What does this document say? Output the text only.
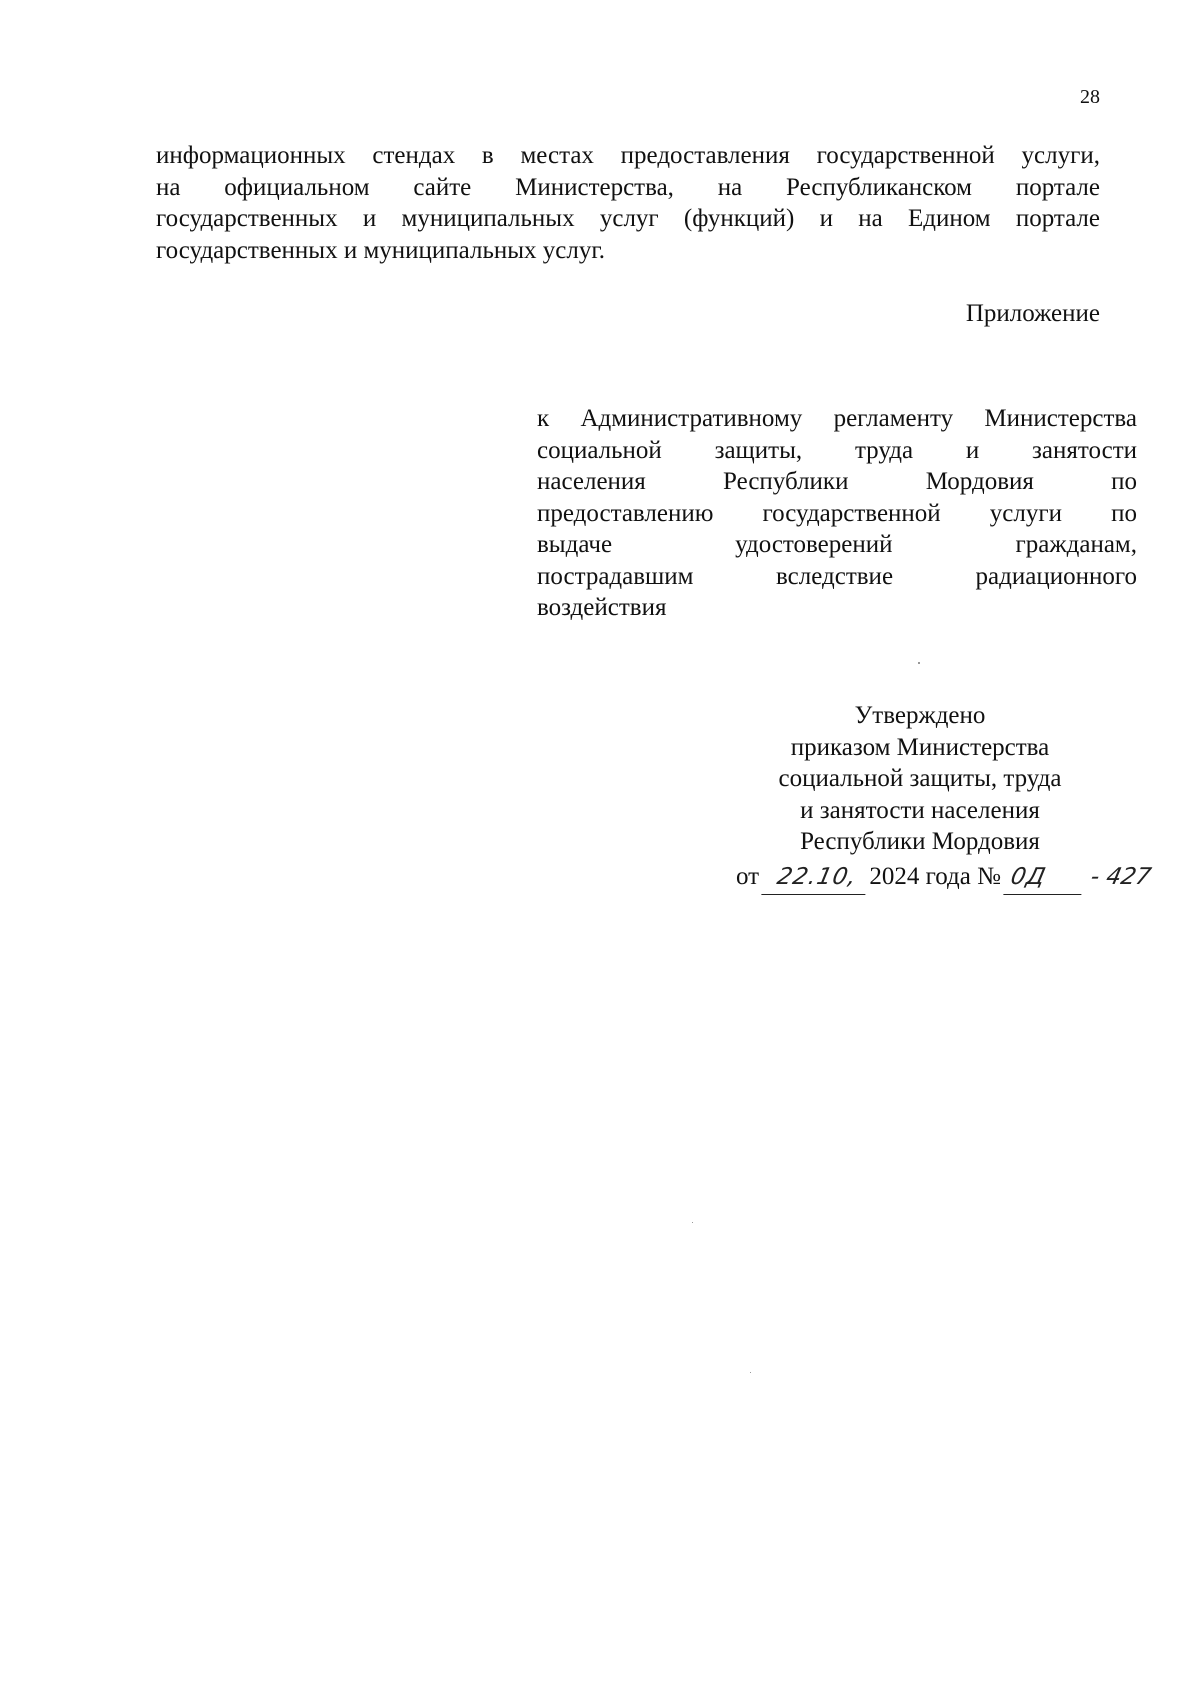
28
информационных стендах в местах предоставления государственной услуги,
на официальном сайте Министерства, на Республиканском портале
государственных и муниципальных услуг (функций) и на Едином портале
государственных и муниципальных услуг.
Приложение
к Административному регламенту Министерства
социальной защиты, труда и занятости
населения Республики Мордовия по
предоставлению государственной услуги по
выдаче удостоверений гражданам,
пострадавшим вследствие радиационного
воздействия
Утверждено
приказом Министерства
социальной защиты, труда
и занятости населения
Республики Мордовия
от 22.10, 2024 года № 0Д - 427
